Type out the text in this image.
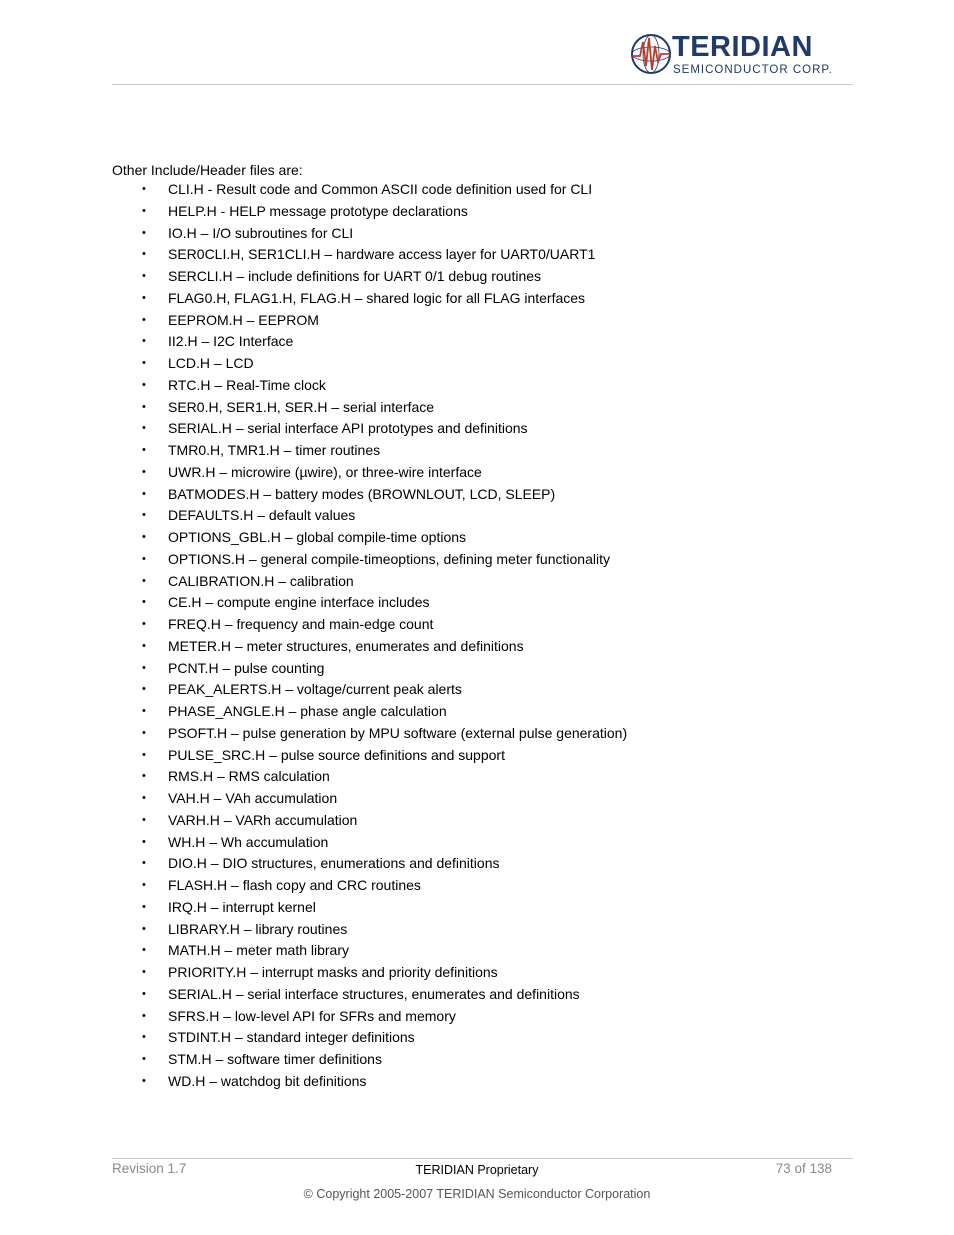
TERIDIAN
SEMICONDUCTOR CORP.
Other Include/Header files are:
• CLI.H - Result code and Common ASCII code definition used for CLI
• HELP.H - HELP message prototype declarations
• IO.H – I/O subroutines for CLI
• SER0CLI.H, SER1CLI.H – hardware access layer for UART0/UART1
• SERCLI.H – include definitions for UART 0/1 debug routines
• FLAG0.H, FLAG1.H, FLAG.H – shared logic for all FLAG interfaces
• EEPROM.H – EEPROM
• II2.H – I2C Interface
• LCD.H – LCD
• RTC.H – Real-Time clock
• SER0.H, SER1.H, SER.H – serial interface
• SERIAL.H – serial interface API prototypes and definitions
• TMR0.H, TMR1.H – timer routines
• UWR.H – microwire (µwire), or three-wire interface
• BATMODES.H – battery modes (BROWNLOUT, LCD, SLEEP)
• DEFAULTS.H – default values
• OPTIONS_GBL.H – global compile-time options
• OPTIONS.H – general compile-timeoptions, defining meter functionality
• CALIBRATION.H – calibration
• CE.H – compute engine interface includes
• FREQ.H – frequency and main-edge count
• METER.H – meter structures, enumerates and definitions
• PCNT.H – pulse counting
• PEAK_ALERTS.H – voltage/current peak alerts
• PHASE_ANGLE.H – phase angle calculation
• PSOFT.H – pulse generation by MPU software (external pulse generation)
• PULSE_SRC.H – pulse source definitions and support
• RMS.H – RMS calculation
• VAH.H – VAh accumulation
• VARH.H – VARh accumulation
• WH.H – Wh accumulation
• DIO.H – DIO structures, enumerations and definitions
• FLASH.H – flash copy and CRC routines
• IRQ.H – interrupt kernel
• LIBRARY.H – library routines
• MATH.H – meter math library
• PRIORITY.H – interrupt masks and priority definitions
• SERIAL.H – serial interface structures, enumerates and definitions
• SFRS.H – low-level API for SFRs and memory
• STDINT.H – standard integer definitions
• STM.H – software timer definitions
• WD.H – watchdog bit definitions
Revision 1.7	TERIDIAN Proprietary	73 of 138
© Copyright 2005-2007 TERIDIAN Semiconductor Corporation
